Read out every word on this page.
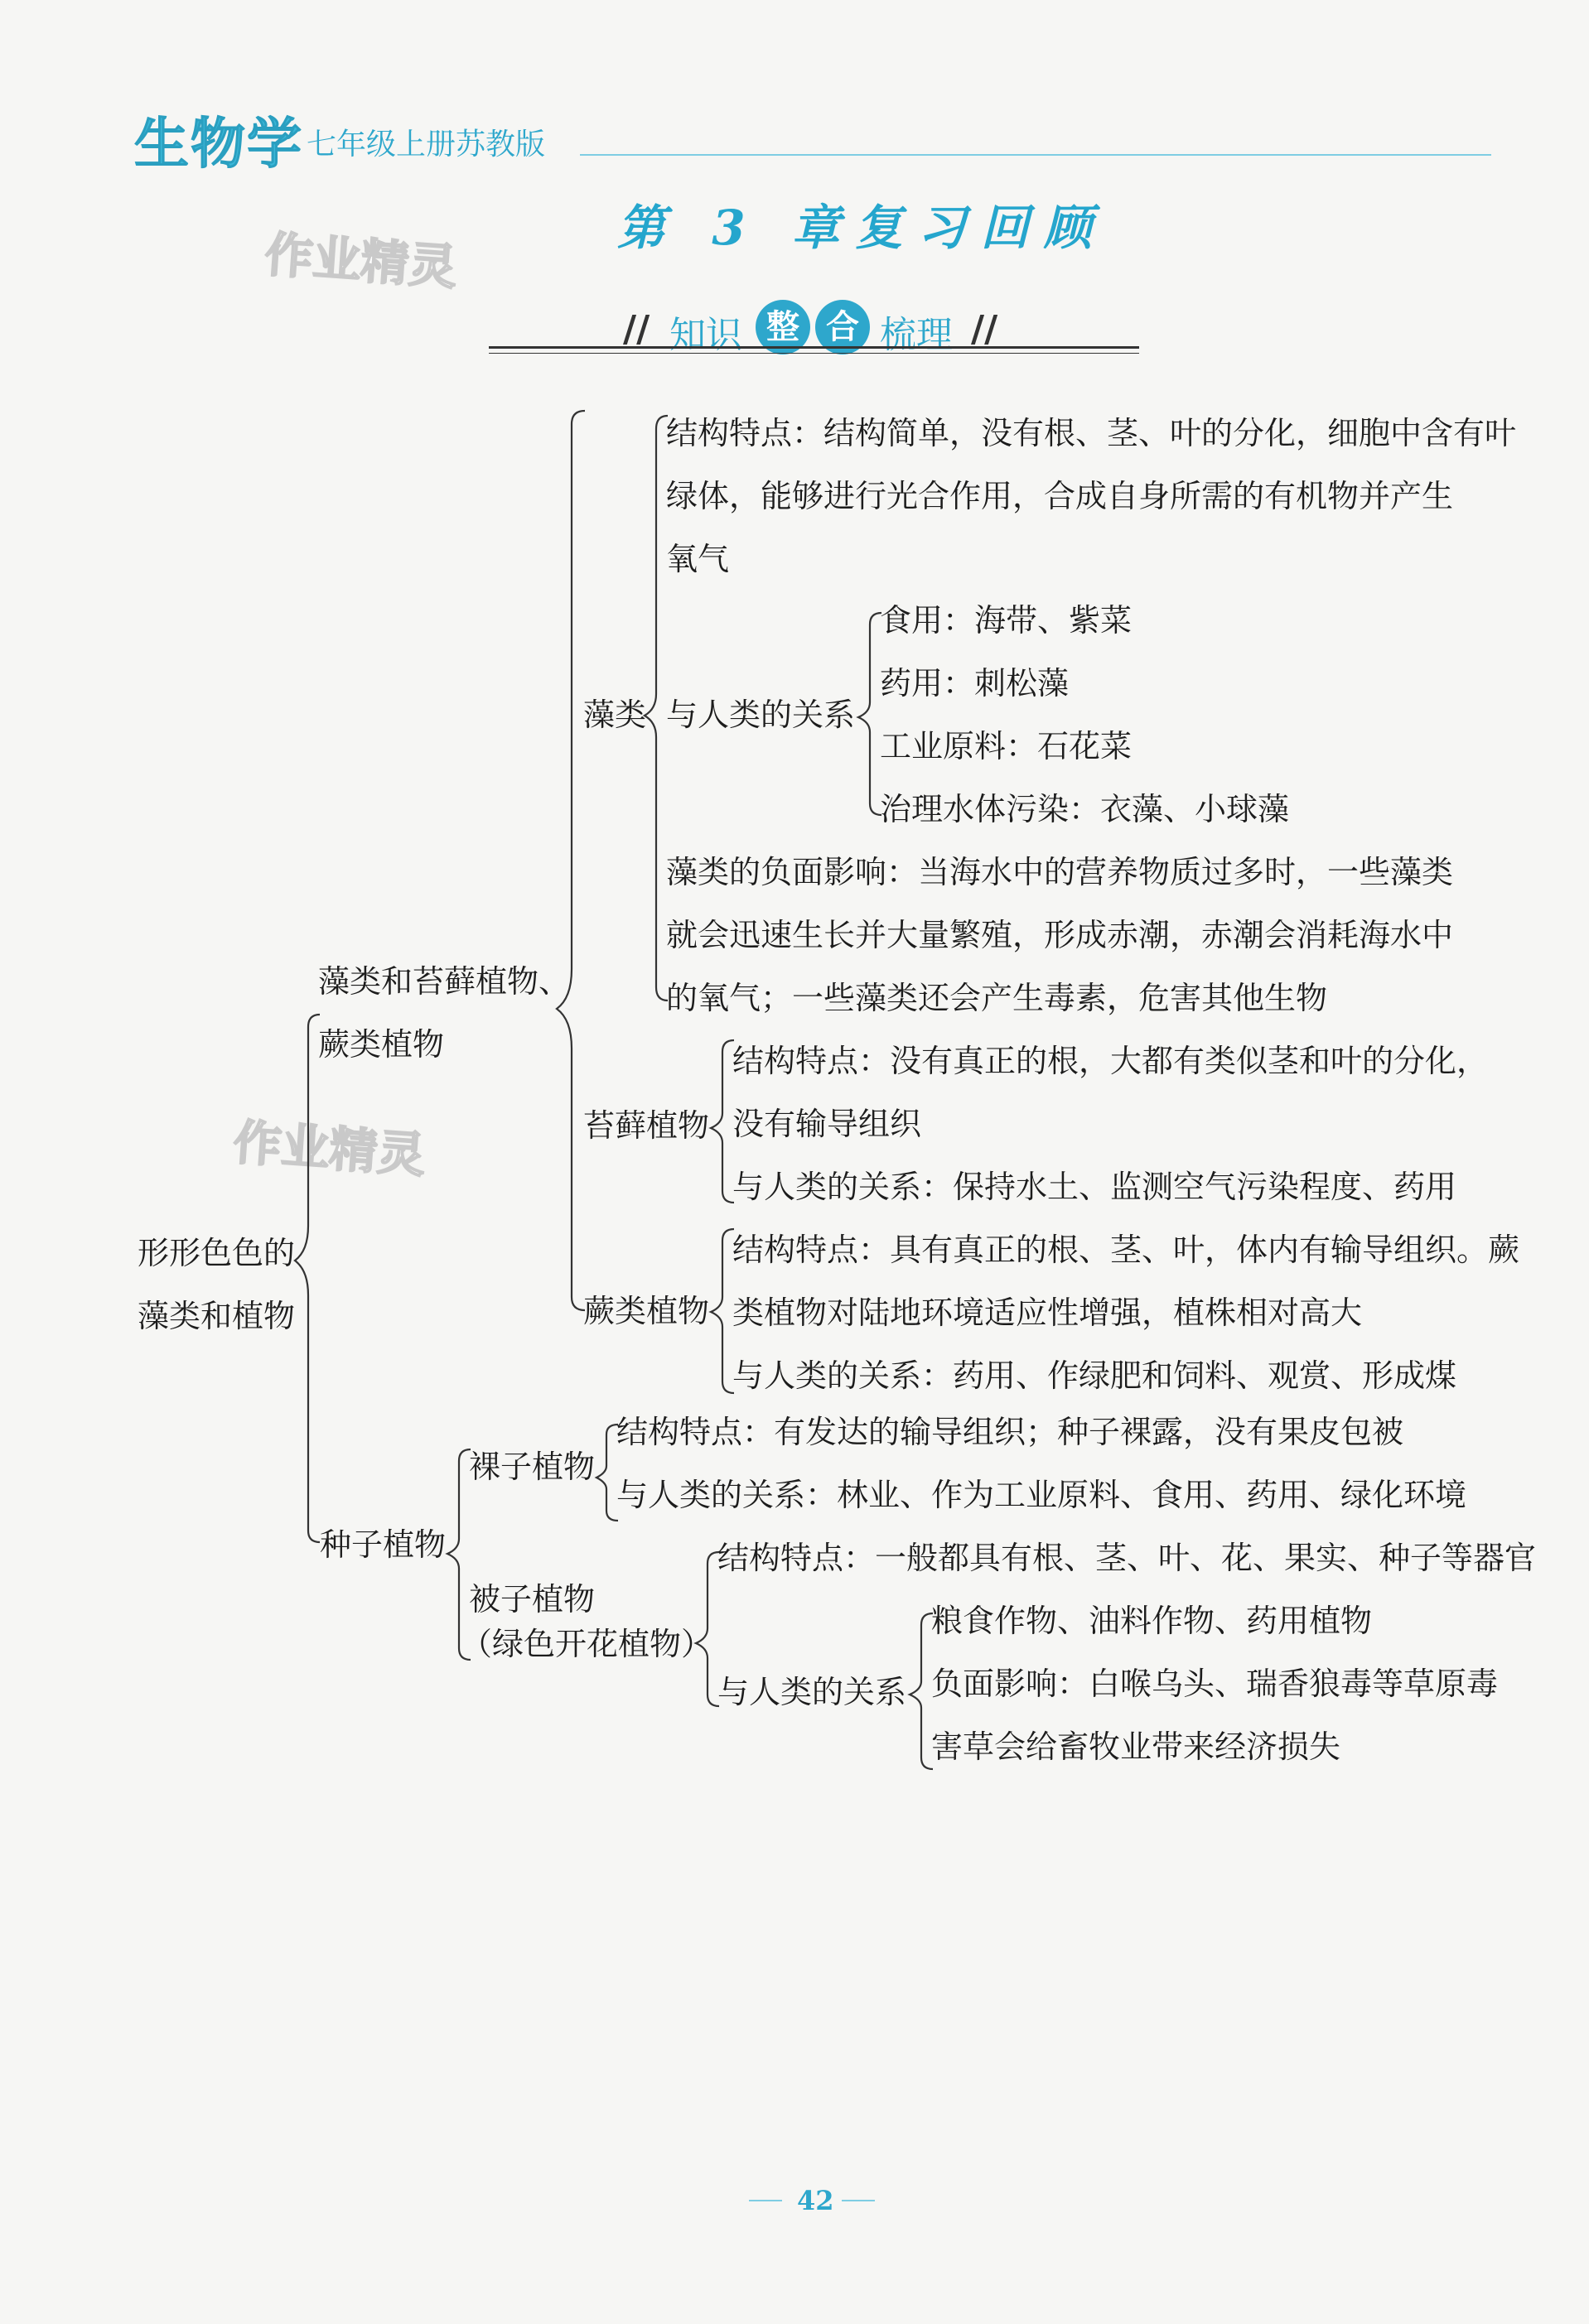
生物学 七年级上册苏教版
第 3 章复习回顾
作业精灵
作业精灵
// 知识 整 合 梳理 //
形形色色的
藻类和植物
藻类和苔藓植物、
蕨类植物
藻类
结构特点：结构简单，没有根、茎、叶的分化，细胞中含有叶
绿体，能够进行光合作用，合成自身所需的有机物并产生
氧气
与人类的关系
食用：海带、紫菜
药用：刺松藻
工业原料：石花菜
治理水体污染：衣藻、小球藻
藻类的负面影响：当海水中的营养物质过多时，一些藻类
就会迅速生长并大量繁殖，形成赤潮，赤潮会消耗海水中
的氧气；一些藻类还会产生毒素，危害其他生物
苔藓植物
结构特点：没有真正的根，大都有类似茎和叶的分化，
没有输导组织
与人类的关系：保持水土、监测空气污染程度、药用
蕨类植物
结构特点：具有真正的根、茎、叶，体内有输导组织。蕨
类植物对陆地环境适应性增强，植株相对高大
与人类的关系：药用、作绿肥和饲料、观赏、形成煤
种子植物
裸子植物
结构特点：有发达的输导组织；种子裸露，没有果皮包被
与人类的关系：林业、作为工业原料、食用、药用、绿化环境
被子植物
（绿色开花植物）
结构特点：一般都具有根、茎、叶、花、果实、种子等器官
与人类的关系
粮食作物、油料作物、药用植物
负面影响：白喉乌头、瑞香狼毒等草原毒
害草会给畜牧业带来经济损失
42
